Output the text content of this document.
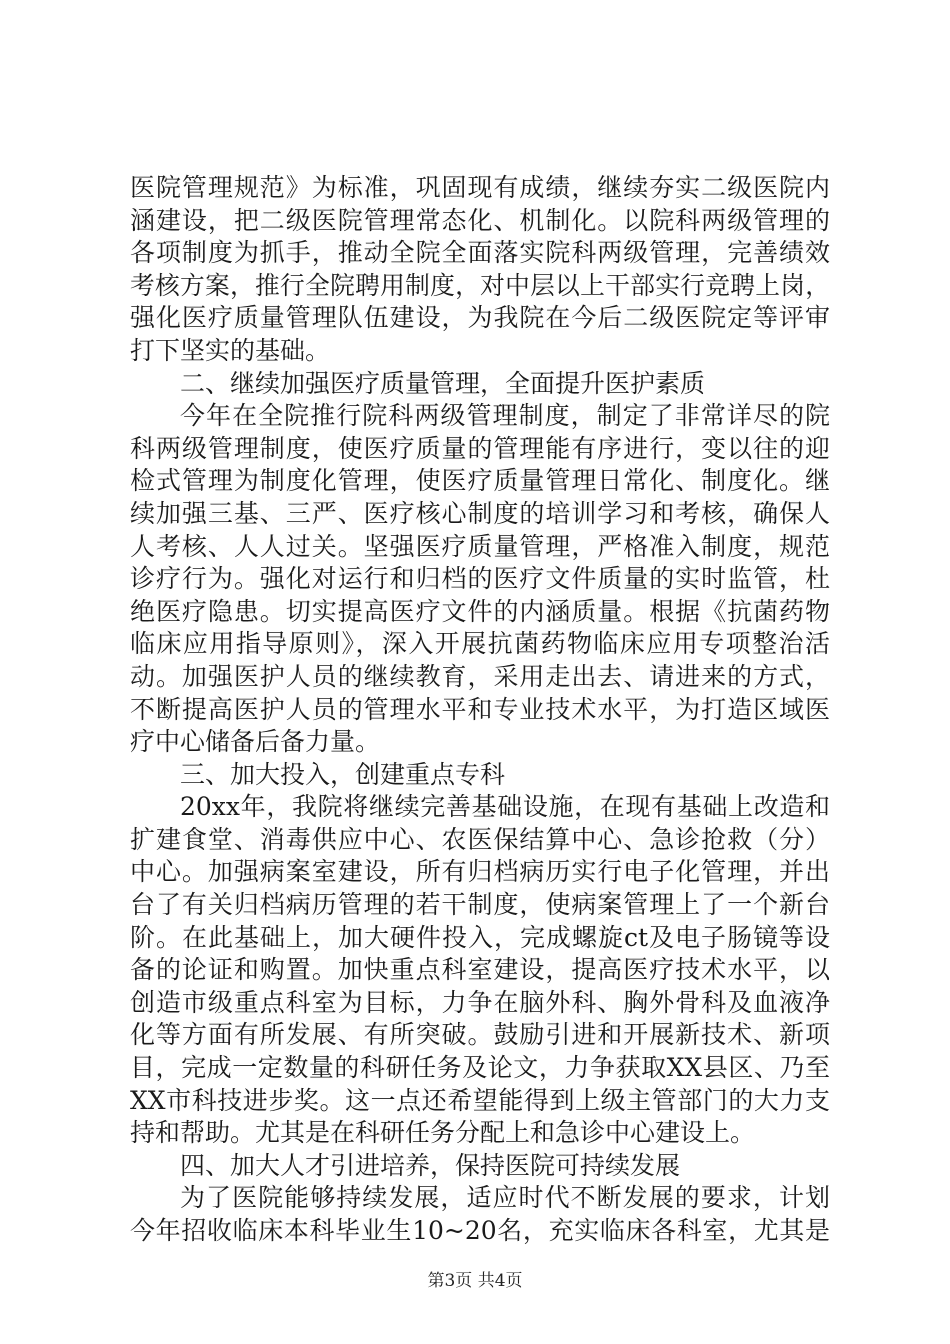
医院管理规范》为标准，巩固现有成绩，继续夯实二级医院内
涵建设，把二级医院管理常态化、机制化。以院科两级管理的
各项制度为抓手，推动全院全面落实院科两级管理，完善绩效
考核方案，推行全院聘用制度，对中层以上干部实行竞聘上岗，
强化医疗质量管理队伍建设，为我院在今后二级医院定等评审
打下坚实的基础。
二、继续加强医疗质量管理，全面提升医护素质
今年在全院推行院科两级管理制度，制定了非常详尽的院
科两级管理制度，使医疗质量的管理能有序进行，变以往的迎
检式管理为制度化管理，使医疗质量管理日常化、制度化。继
续加强三基、三严、医疗核心制度的培训学习和考核，确保人
人考核、人人过关。坚强医疗质量管理，严格准入制度，规范
诊疗行为。强化对运行和归档的医疗文件质量的实时监管，杜
绝医疗隐患。切实提高医疗文件的内涵质量。根据《抗菌药物
临床应用指导原则》，深入开展抗菌药物临床应用专项整治活
动。加强医护人员的继续教育，采用走出去、请进来的方式，
不断提高医护人员的管理水平和专业技术水平，为打造区域医
疗中心储备后备力量。
三、加大投入，创建重点专科
20xx年，我院将继续完善基础设施，在现有基础上改造和
扩建食堂、消毒供应中心、农医保结算中心、急诊抢救（分）
中心。加强病案室建设，所有归档病历实行电子化管理，并出
台了有关归档病历管理的若干制度，使病案管理上了一个新台
阶。在此基础上，加大硬件投入，完成螺旋ct及电子肠镜等设
备的论证和购置。加快重点科室建设，提高医疗技术水平，以
创造市级重点科室为目标，力争在脑外科、胸外骨科及血液净
化等方面有所发展、有所突破。鼓励引进和开展新技术、新项
目，完成一定数量的科研任务及论文，力争获取XX县区、乃至
XX市科技进步奖。这一点还希望能得到上级主管部门的大力支
持和帮助。尤其是在科研任务分配上和急诊中心建设上。
四、加大人才引进培养，保持医院可持续发展
为了医院能够持续发展，适应时代不断发展的要求，计划
今年招收临床本科毕业生10~20名，充实临床各科室，尤其是
第3页 共4页
